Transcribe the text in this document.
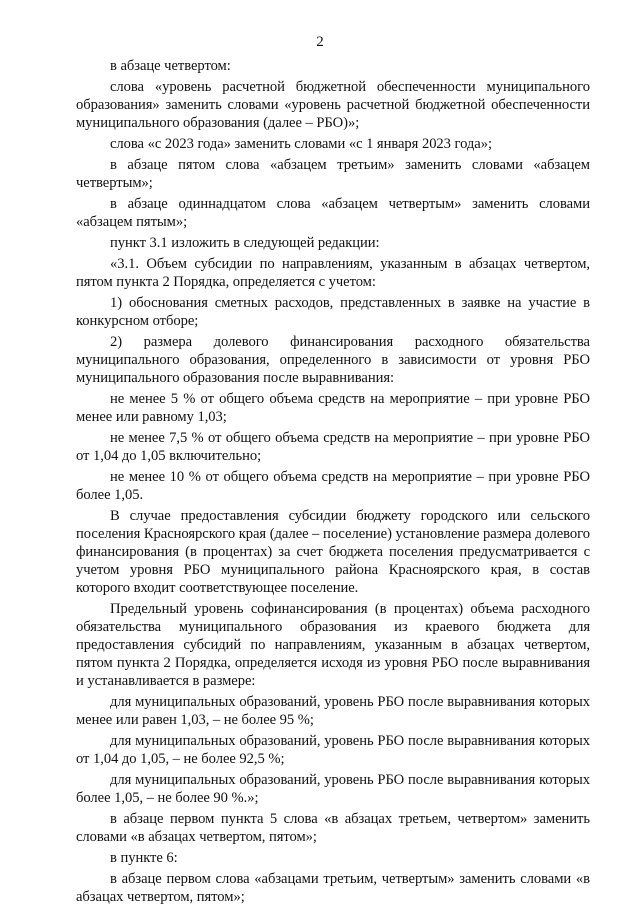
2

в абзаце четвертом:

слова «уровень расчетной бюджетной обеспеченности муниципального образования» заменить словами «уровень расчетной бюджетной обеспеченности муниципального образования (далее – РБО)»;

слова «с 2023 года» заменить словами «с 1 января 2023 года»;

в абзаце пятом слова «абзацем третьим» заменить словами «абзацем четвертым»;

в абзаце одиннадцатом слова «абзацем четвертым» заменить словами «абзацем пятым»;

пункт 3.1 изложить в следующей редакции:

«3.1. Объем субсидии по направлениям, указанным в абзацах четвертом, пятом пункта 2 Порядка, определяется с учетом:

1) обоснования сметных расходов, представленных в заявке на участие в конкурсном отборе;

2) размера долевого финансирования расходного обязательства муниципального образования, определенного в зависимости от уровня РБО муниципального образования после выравнивания:

не менее 5 % от общего объема средств на мероприятие – при уровне РБО менее или равному 1,03;

не менее 7,5 % от общего объема средств на мероприятие – при уровне РБО от 1,04 до 1,05 включительно;

не менее 10 % от общего объема средств на мероприятие – при уровне РБО более 1,05.

В случае предоставления субсидии бюджету городского или сельского поселения Красноярского края (далее – поселение) установление размера долевого финансирования (в процентах) за счет бюджета поселения предусматривается с учетом уровня РБО муниципального района Красноярского края, в состав которого входит соответствующее поселение.

Предельный уровень софинансирования (в процентах) объема расходного обязательства муниципального образования из краевого бюджета для предоставления субсидий по направлениям, указанным в абзацах четвертом, пятом пункта 2 Порядка, определяется исходя из уровня РБО после выравнивания и устанавливается в размере:

для муниципальных образований, уровень РБО после выравнивания которых менее или равен 1,03, – не более 95 %;

для муниципальных образований, уровень РБО после выравнивания которых от 1,04 до 1,05, – не более 92,5 %;

для муниципальных образований, уровень РБО после выравнивания которых более 1,05, – не более 90 %.»;

в абзаце первом пункта 5 слова «в абзацах третьем, четвертом» заменить словами «в абзацах четвертом, пятом»;

в пункте 6:

в абзаце первом слова «абзацами третьим, четвертым» заменить словами «в абзацах четвертом, пятом»;
